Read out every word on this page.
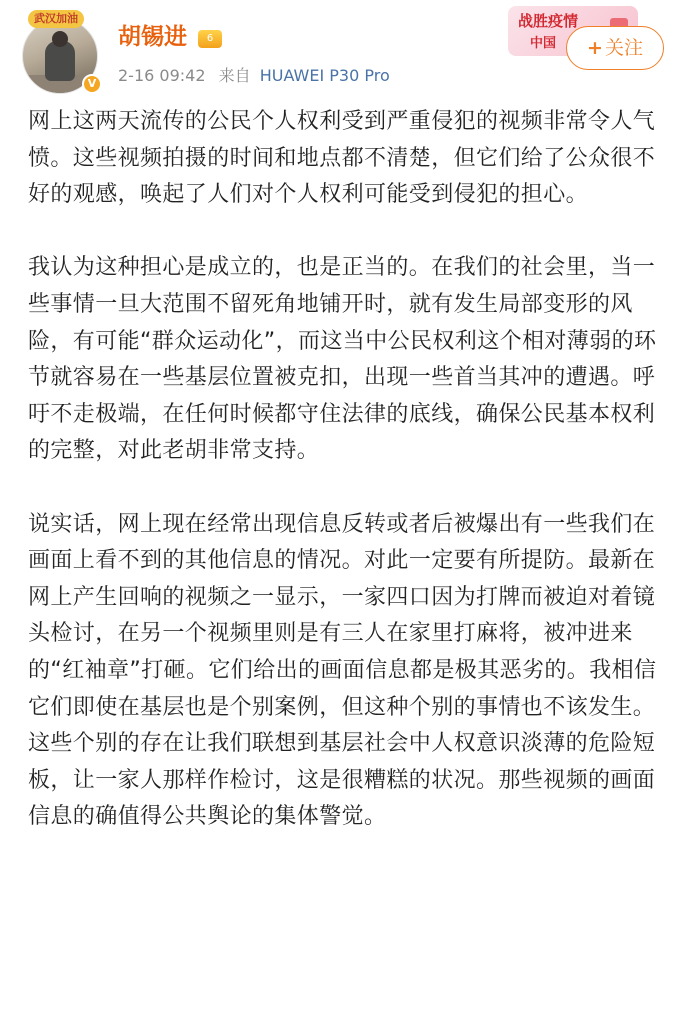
武汉加油
V
胡锡进	6
2-16 09:42 来自 HUAWEI P30 Pro
战胜疫情
中国	+ 关注

网上这两天流传的公民个人权利受到严重侵犯的视频非常令人气愤。这些视频拍摄的时间和地点都不清楚，但它们给了公众很不好的观感，唤起了人们对个人权利可能受到侵犯的担心。

我认为这种担心是成立的，也是正当的。在我们的社会里，当一些事情一旦大范围不留死角地铺开时，就有发生局部变形的风险，有可能“群众运动化”，而这当中公民权利这个相对薄弱的环节就容易在一些基层位置被克扣，出现一些首当其冲的遭遇。呼吁不走极端，在任何时候都守住法律的底线，确保公民基本权利的完整，对此老胡非常支持。

说实话，网上现在经常出现信息反转或者后被爆出有一些我们在画面上看不到的其他信息的情况。对此一定要有所提防。最新在网上产生回响的视频之一显示，一家四口因为打牌而被迫对着镜头检讨，在另一个视频里则是有三人在家里打麻将，被冲进来的“红袖章”打砸。它们给出的画面信息都是极其恶劣的。我相信它们即使在基层也是个别案例，但这种个别的事情也不该发生。这些个别的存在让我们联想到基层社会中人权意识淡薄的危险短板，让一家人那样作检讨，这是很糟糕的状况。那些视频的画面信息的确值得公共舆论的集体警觉。
